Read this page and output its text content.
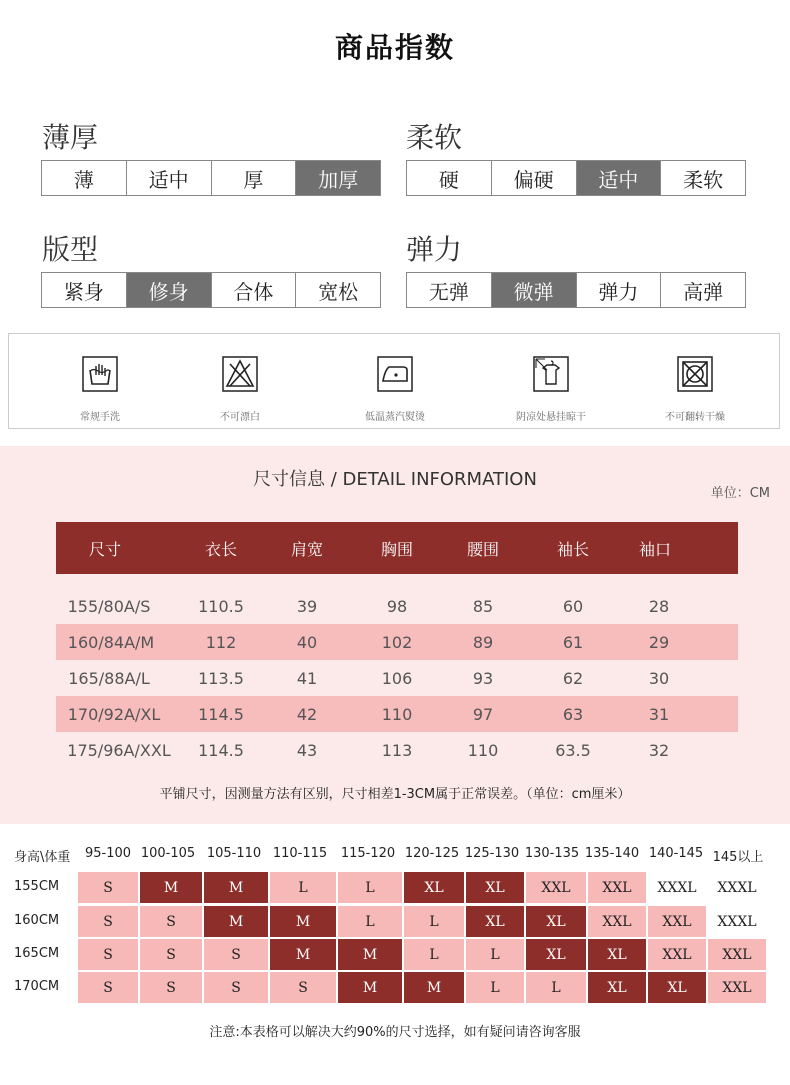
商品指数
薄厚
薄	适中	厚	加厚
柔软
硬	偏硬	适中	柔软
版型
紧身	修身	合体	宽松
弹力
无弹	微弹	弹力	高弹
常规手洗	不可漂白	低温蒸汽熨烫	阴凉处悬挂晾干	不可翻转干燥
尺寸信息 / DETAIL INFORMATION
单位：CM
尺寸	衣长	肩宽	胸围	腰围	袖长	袖口
155/80A/S	110.5	39	98	85	60	28
160/84A/M	112	40	102	89	61	29
165/88A/L	113.5	41	106	93	62	30
170/92A/XL	114.5	42	110	97	63	31
175/96A/XXL	114.5	43	113	110	63.5	32
平铺尺寸，因测量方法有区别，尺寸相差1-3CM属于正常误差。（单位：cm厘米）
身高\体重	95-100 100-105 105-110 110-115 115-120 120-125 125-130 130-135 135-140 140-145 145以上
155CM	S	M	M	L	L	XL	XL	XXL	XXL	XXXL	XXXL
160CM	S	S	M	M	L	L	XL	XL	XXL	XXL	XXXL
165CM	S	S	S	M	M	L	L	XL	XL	XXL	XXL
170CM	S	S	S	S	M	M	L	L	XL	XL	XXL
注意:本表格可以解决大约90%的尺寸选择，如有疑问请咨询客服
